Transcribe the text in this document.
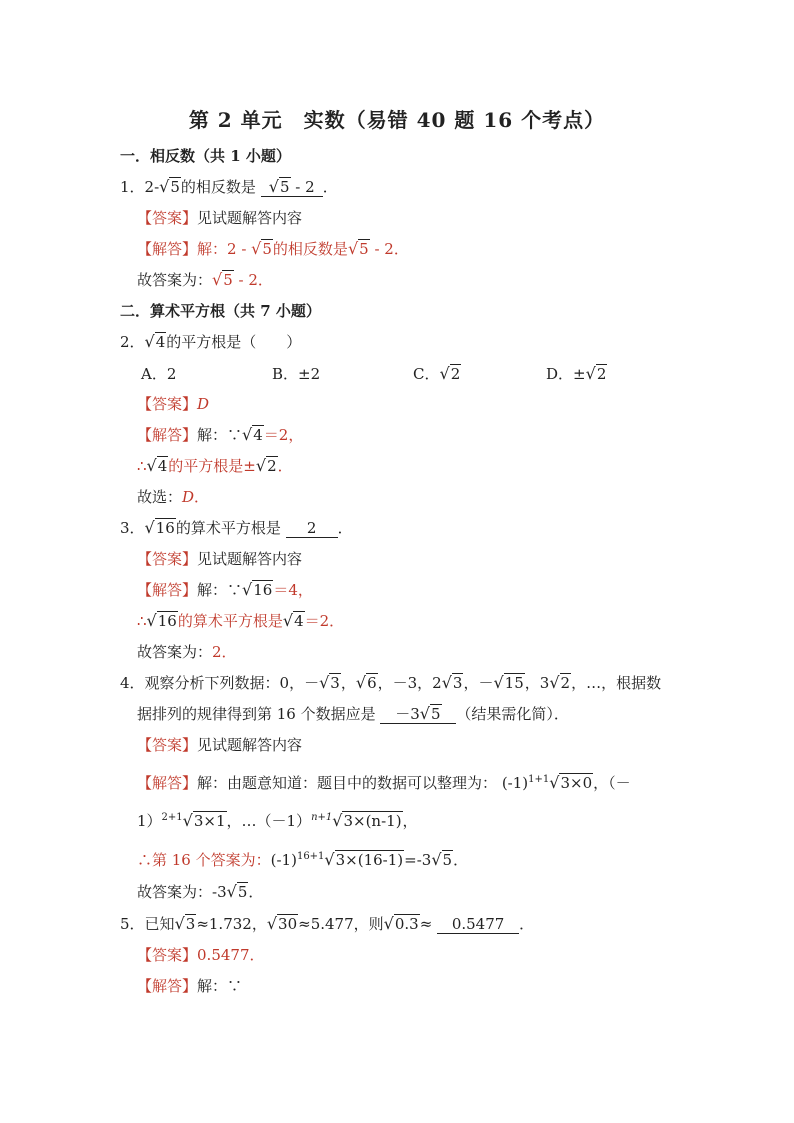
第 2 单元　实数（易错 40 题 16 个考点）
一．相反数（共 1 小题）
1．2-√5的相反数是 √5 - 2 ．
【答案】见试题解答内容
【解答】解：2 - √5的相反数是√5 - 2．
故答案为：√5 - 2．
二．算术平方根（共 7 小题）
2．√4的平方根是（　　）
A．2	B．±2	C．√2	D．±√2
【答案】D
【解答】解：∵√4＝2，
∴√4的平方根是±√2．
故选：D．
3．√16的算术平方根是 2 ．
【答案】见试题解答内容
【解答】解：∵√16＝4，
∴√16的算术平方根是√4＝2．
故答案为：2．
4．观察分析下列数据：0，－√3，√6，－3，2√3，－√15，3√2，…，根据数
据排列的规律得到第 16 个数据应是 －3√5 （结果需化简）．
【答案】见试题解答内容
【解答】解：由题意知道：题目中的数据可以整理为： $(-1)^{1+1}√3\times 0$，（－
1）$^{2+1}$√3×1，$\dots(-1)^{n+1}√3\times(n-1)$，
∴第 16 个答案为：$(-1)^{16+1}√3\times(16-1)=-3√5$．
故答案为：-3√5．
5．已知√3≈1.732，√30≈5.477，则√0.3≈ 0.5477 ．
【答案】0.5477．
【解答】解：∵
